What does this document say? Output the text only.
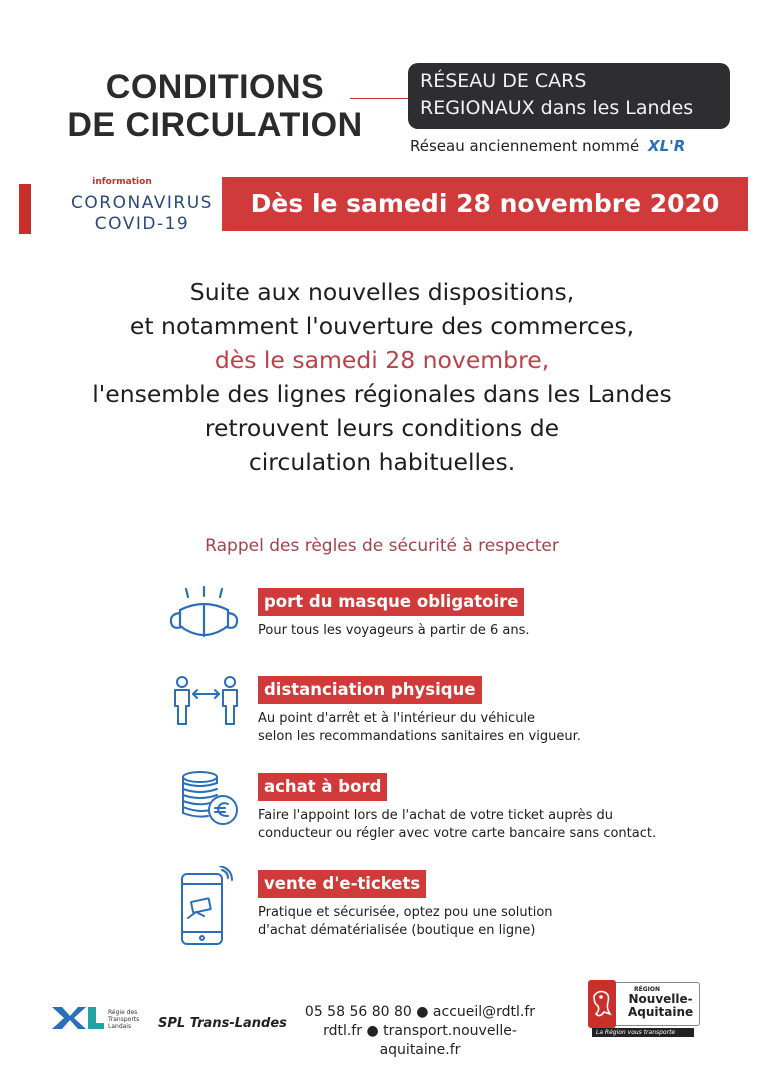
CONDITIONS
DE CIRCULATION
RÉSEAU DE CARS
REGIONAUX dans les Landes
Réseau anciennement nommé XL'R
information
CORONAVIRUS
COVID-19
Dès le samedi 28 novembre 2020
Suite aux nouvelles dispositions,
et notamment l'ouverture des commerces,
dès le samedi 28 novembre,
l'ensemble des lignes régionales dans les Landes
retrouvent leurs conditions de
circulation habituelles.
Rappel des règles de sécurité à respecter
port du masque obligatoire
Pour tous les voyageurs à partir de 6 ans.
distanciation physique
Au point d'arrêt et à l'intérieur du véhicule
selon les recommandations sanitaires en vigueur.
achat à bord
Faire l'appoint lors de l'achat de votre ticket auprès du
conducteur ou régler avec votre carte bancaire sans contact.
vente d'e-tickets
Pratique et sécurisée, optez pou une solution
d'achat dématérialisée (boutique en ligne)
Régie des Transports Landais	SPL Trans-Landes
05 58 56 80 80 ● accueil@rdtl.fr
rdtl.fr ● transport.nouvelle-aquitaine.fr
RÉGION
Nouvelle-
Aquitaine
La Région vous transporte
